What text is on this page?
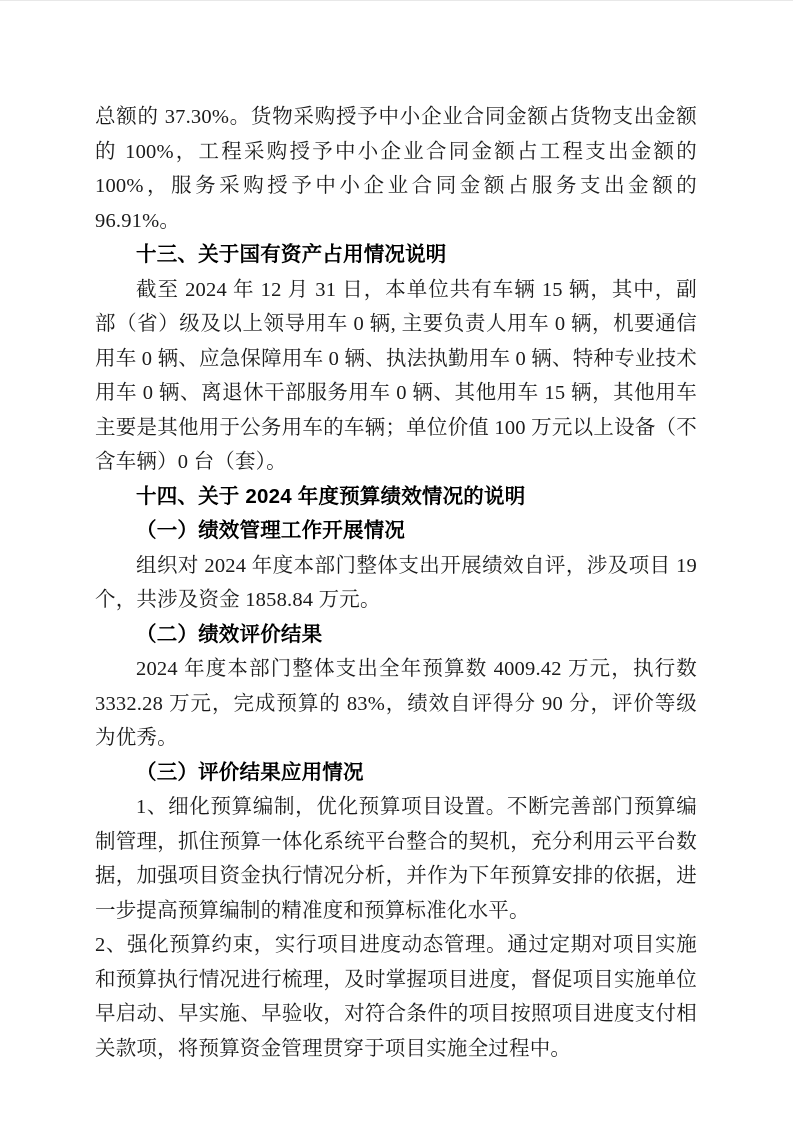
总额的 37.30%。货物采购授予中小企业合同金额占货物支出金额的 100%，工程采购授予中小企业合同金额占工程支出金额的 100%，服务采购授予中小企业合同金额占服务支出金额的 96.91%。

十三、关于国有资产占用情况说明

截至 2024 年 12 月 31 日，本单位共有车辆 15 辆，其中，副部（省）级及以上领导用车 0 辆, 主要负责人用车 0 辆，机要通信用车 0 辆、应急保障用车 0 辆、执法执勤用车 0 辆、特种专业技术用车 0 辆、离退休干部服务用车 0 辆、其他用车 15 辆，其他用车主要是其他用于公务用车的车辆；单位价值 100 万元以上设备（不含车辆）0 台（套）。

十四、关于 2024 年度预算绩效情况的说明

（一）绩效管理工作开展情况

组织对 2024 年度本部门整体支出开展绩效自评，涉及项目 19 个，共涉及资金 1858.84 万元。

（二）绩效评价结果

2024 年度本部门整体支出全年预算数 4009.42 万元，执行数 3332.28 万元，完成预算的 83%，绩效自评得分 90 分，评价等级为优秀。

（三）评价结果应用情况

1、细化预算编制，优化预算项目设置。不断完善部门预算编制管理，抓住预算一体化系统平台整合的契机，充分利用云平台数据，加强项目资金执行情况分析，并作为下年预算安排的依据，进一步提高预算编制的精准度和预算标准化水平。

2、强化预算约束，实行项目进度动态管理。通过定期对项目实施和预算执行情况进行梳理，及时掌握项目进度，督促项目实施单位早启动、早实施、早验收，对符合条件的项目按照项目进度支付相关款项，将预算资金管理贯穿于项目实施全过程中。
